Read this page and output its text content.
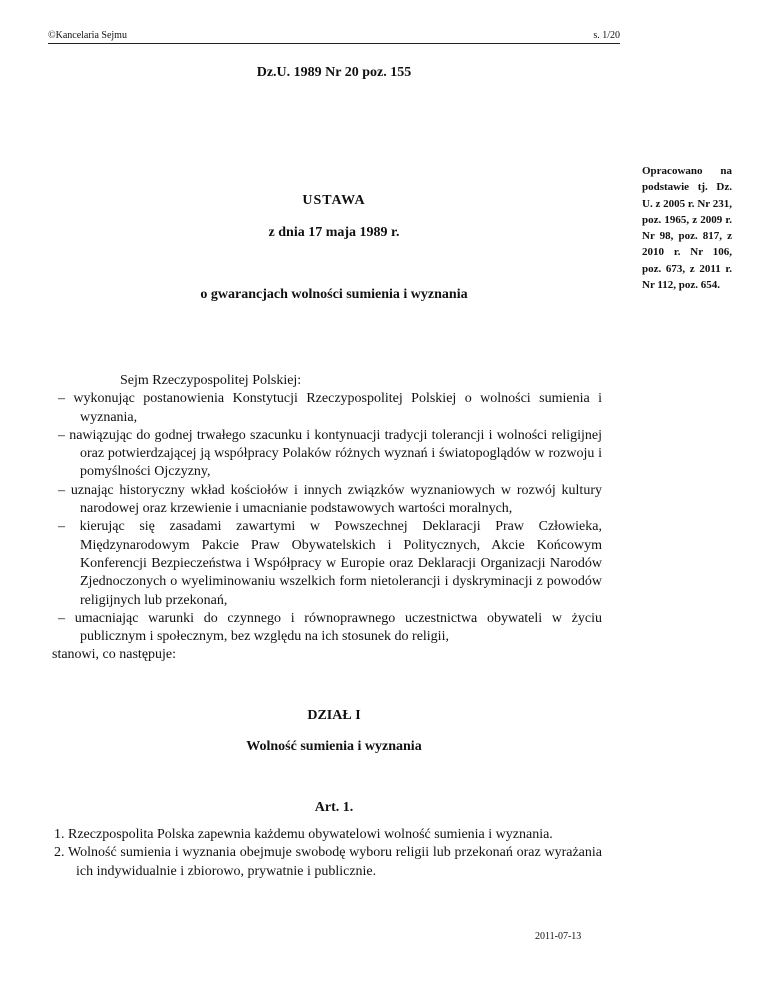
©Kancelaria Sejmu	s. 1/20
Dz.U. 1989 Nr 20 poz. 155
USTAWA
z dnia 17 maja 1989 r.
Opracowano na podstawie tj. Dz. U. z 2005 r. Nr 231, poz. 1965, z 2009 r. Nr 98, poz. 817, z 2010 r. Nr 106, poz. 673, z 2011 r. Nr 112, poz. 654.
o gwarancjach wolności sumienia i wyznania
Sejm Rzeczypospolitej Polskiej:
– wykonując postanowienia Konstytucji Rzeczypospolitej Polskiej o wolności sumienia i wyznania,
– nawiązując do godnej trwałego szacunku i kontynuacji tradycji tolerancji i wolności religijnej oraz potwierdzającej ją współpracy Polaków różnych wyznań i światopoglądów w rozwoju i pomyślności Ojczyzny,
– uznając historyczny wkład kościołów i innych związków wyznaniowych w rozwój kultury narodowej oraz krzewienie i umacnianie podstawowych wartości moralnych,
– kierując się zasadami zawartymi w Powszechnej Deklaracji Praw Człowieka, Międzynarodowym Pakcie Praw Obywatelskich i Politycznych, Akcie Końcowym Konferencji Bezpieczeństwa i Współpracy w Europie oraz Deklaracji Organizacji Narodów Zjednoczonych o wyeliminowaniu wszelkich form nietolerancji i dyskryminacji z powodów religijnych lub przekonań,
– umacniając warunki do czynnego i równoprawnego uczestnictwa obywateli w życiu publicznym i społecznym, bez względu na ich stosunek do religii,
stanowi, co następuje:
DZIAŁ I
Wolność sumienia i wyznania
Art. 1.
1. Rzeczpospolita Polska zapewnia każdemu obywatelowi wolność sumienia i wyznania.
2. Wolność sumienia i wyznania obejmuje swobodę wyboru religii lub przekonań oraz wyrażania ich indywidualnie i zbiorowo, prywatnie i publicznie.
2011-07-13
